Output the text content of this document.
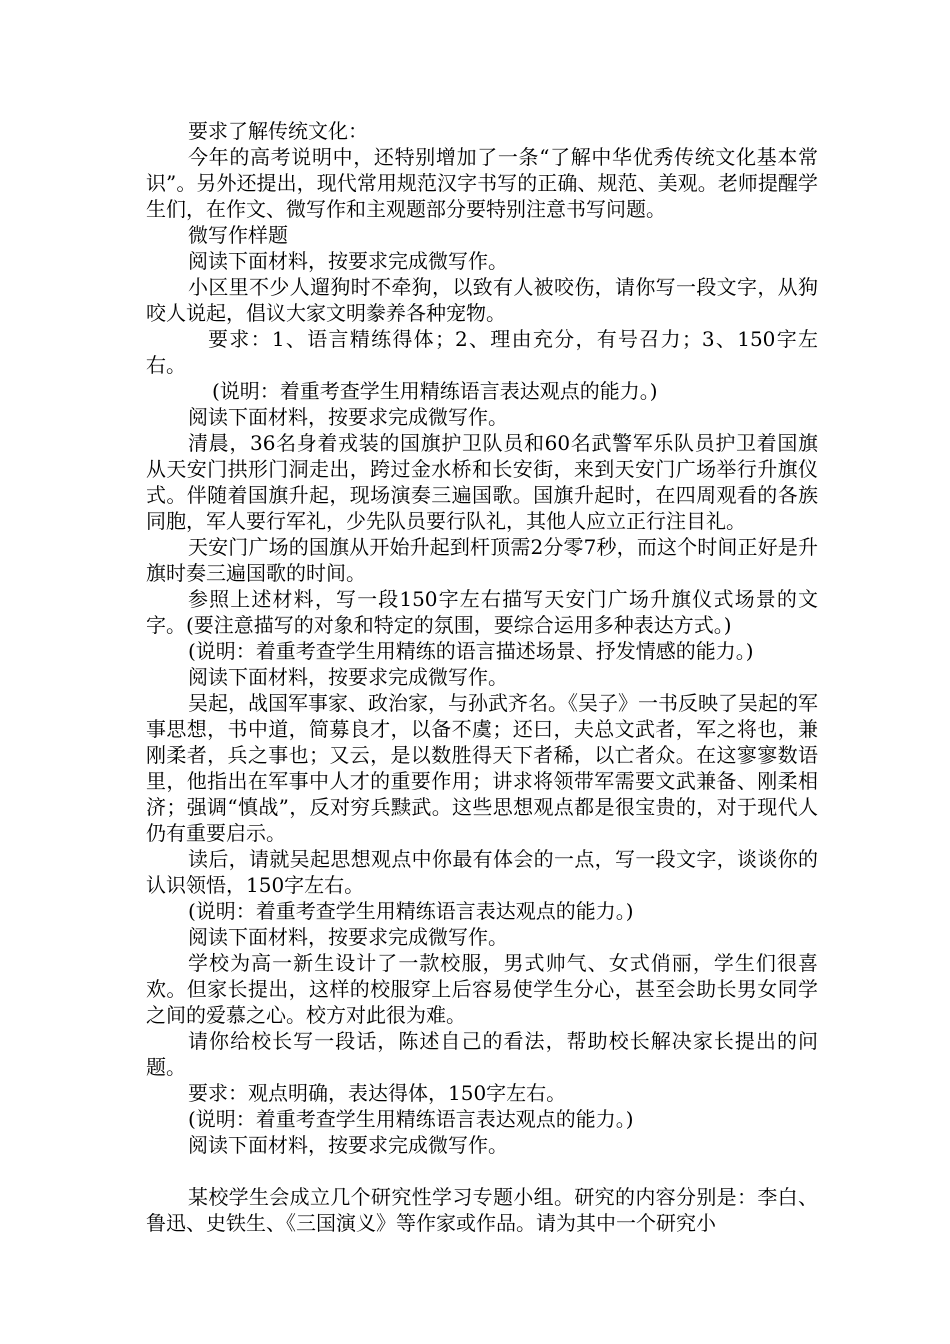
要求了解传统文化：

今年的高考说明中，还特别增加了一条“了解中华优秀传统文化基本常识”。另外还提出，现代常用规范汉字书写的正确、规范、美观。老师提醒学生们，在作文、微写作和主观题部分要特别注意书写问题。

微写作样题

阅读下面材料，按要求完成微写作。

小区里不少人遛狗时不牵狗，以致有人被咬伤，请你写一段文字，从狗咬人说起，倡议大家文明豢养各种宠物。

要求：1、语言精练得体；2、理由充分，有号召力；3、150字左右。

(说明：着重考查学生用精练语言表达观点的能力。)

阅读下面材料，按要求完成微写作。

清晨，36名身着戎装的国旗护卫队员和60名武警军乐队员护卫着国旗从天安门拱形门洞走出，跨过金水桥和长安街，来到天安门广场举行升旗仪式。伴随着国旗升起，现场演奏三遍国歌。国旗升起时，在四周观看的各族同胞，军人要行军礼，少先队员要行队礼，其他人应立正行注目礼。

天安门广场的国旗从开始升起到杆顶需2分零7秒，而这个时间正好是升旗时奏三遍国歌的时间。

参照上述材料，写一段150字左右描写天安门广场升旗仪式场景的文字。(要注意描写的对象和特定的氛围，要综合运用多种表达方式。)

(说明：着重考查学生用精练的语言描述场景、抒发情感的能力。)

阅读下面材料，按要求完成微写作。

吴起，战国军事家、政治家，与孙武齐名。《吴子》一书反映了吴起的军事思想，书中道，简募良才，以备不虞；还曰，夫总文武者，军之将也，兼刚柔者，兵之事也；又云，是以数胜得天下者稀，以亡者众。在这寥寥数语里，他指出在军事中人才的重要作用；讲求将领带军需要文武兼备、刚柔相济；强调“慎战”，反对穷兵黩武。这些思想观点都是很宝贵的，对于现代人仍有重要启示。

读后，请就吴起思想观点中你最有体会的一点，写一段文字，谈谈你的认识领悟，150字左右。

(说明：着重考查学生用精练语言表达观点的能力。)

阅读下面材料，按要求完成微写作。

学校为高一新生设计了一款校服，男式帅气、女式俏丽，学生们很喜欢。但家长提出，这样的校服穿上后容易使学生分心，甚至会助长男女同学之间的爱慕之心。校方对此很为难。

请你给校长写一段话，陈述自己的看法，帮助校长解决家长提出的问题。

要求：观点明确，表达得体，150字左右。

(说明：着重考查学生用精练语言表达观点的能力。)

阅读下面材料，按要求完成微写作。

某校学生会成立几个研究性学习专题小组。研究的内容分别是：李白、鲁迅、史铁生、《三国演义》等作家或作品。请为其中一个研究小
